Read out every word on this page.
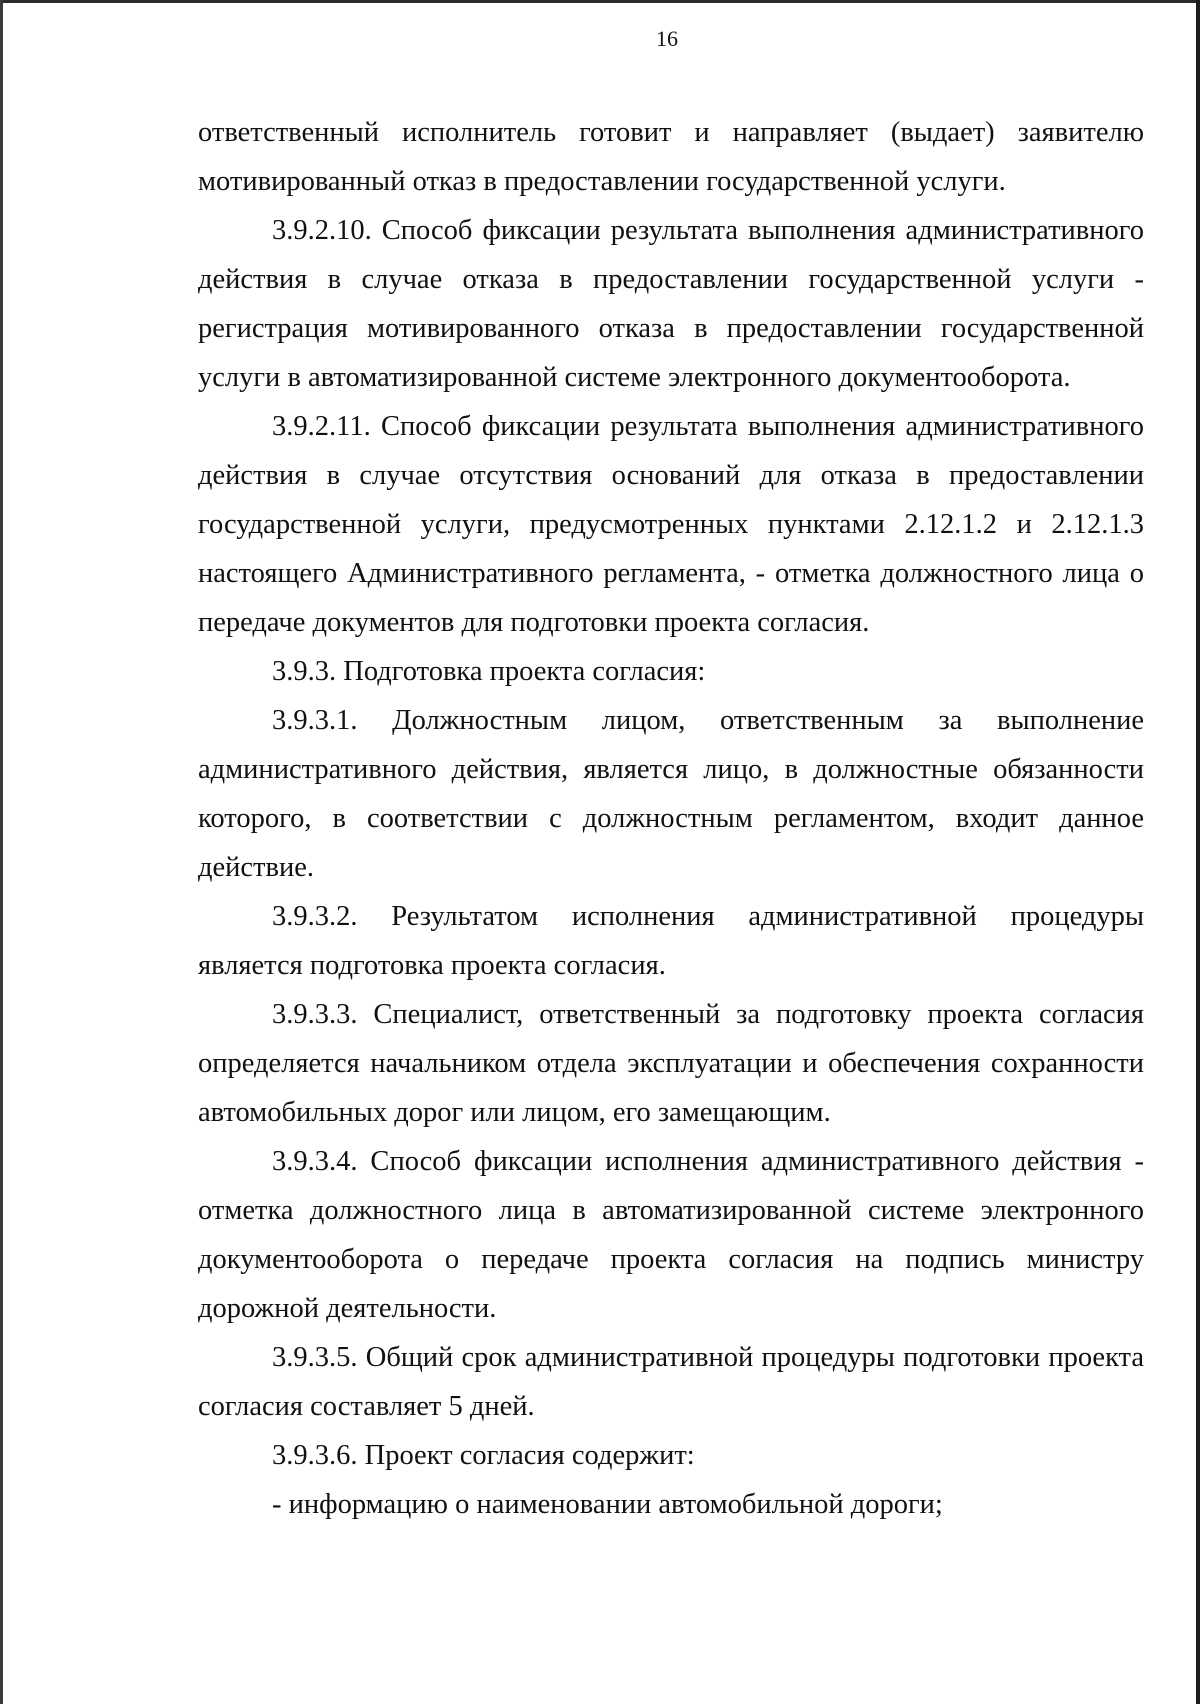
16

ответственный исполнитель готовит и направляет (выдает) заявителю мотивированный отказ в предоставлении государственной услуги.

3.9.2.10. Способ фиксации результата выполнения административного действия в случае отказа в предоставлении государственной услуги - регистрация мотивированного отказа в предоставлении государственной услуги в автоматизированной системе электронного документооборота.

3.9.2.11. Способ фиксации результата выполнения административного действия в случае отсутствия оснований для отказа в предоставлении государственной услуги, предусмотренных пунктами 2.12.1.2 и 2.12.1.3 настоящего Административного регламента, - отметка должностного лица о передаче документов для подготовки проекта согласия.

3.9.3. Подготовка проекта согласия:

3.9.3.1. Должностным лицом, ответственным за выполнение административного действия, является лицо, в должностные обязанности которого, в соответствии с должностным регламентом, входит данное действие.

3.9.3.2. Результатом исполнения административной процедуры является подготовка проекта согласия.

3.9.3.3. Специалист, ответственный за подготовку проекта согласия определяется начальником отдела эксплуатации и обеспечения сохранности автомобильных дорог или лицом, его замещающим.

3.9.3.4. Способ фиксации исполнения административного действия - отметка должностного лица в автоматизированной системе электронного документооборота о передаче проекта согласия на подпись министру дорожной деятельности.

3.9.3.5. Общий срок административной процедуры подготовки проекта согласия составляет 5 дней.

3.9.3.6. Проект согласия содержит:

- информацию о наименовании автомобильной дороги;
